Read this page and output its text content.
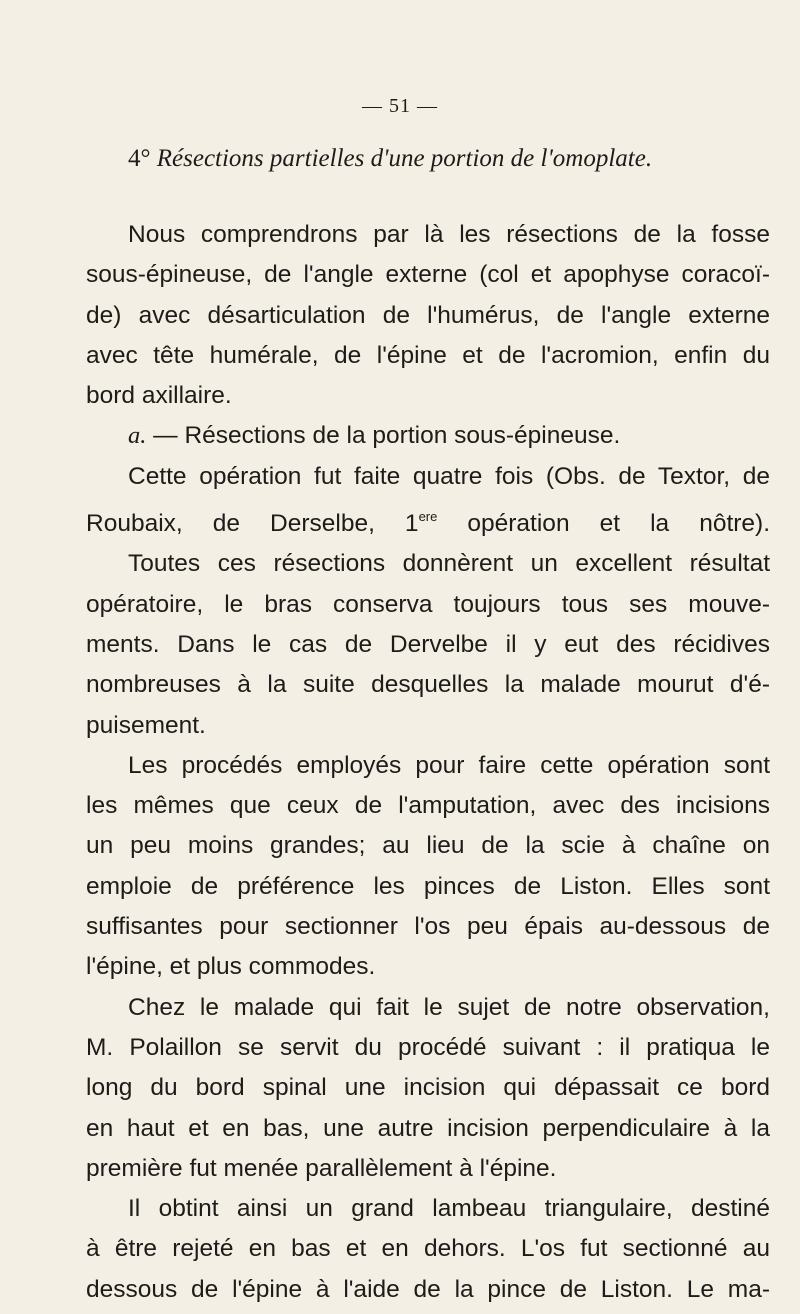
— 51 —
4° Résections partielles d'une portion de l'omoplate.
Nous comprendrons par là les résections de la fosse
sous-épineuse, de l'angle externe (col et apophyse coracoï-
de) avec désarticulation de l'humérus, de l'angle externe
avec tête humérale, de l'épine et de l'acromion, enfin du
bord axillaire.
a. — Résections de la portion sous-épineuse.
Cette opération fut faite quatre fois (Obs. de Textor, de
Roubaix, de Derselbe, 1ere opération et la nôtre).
Toutes ces résections donnèrent un excellent résultat
opératoire, le bras conserva toujours tous ses mouve-
ments. Dans le cas de Dervelbe il y eut des récidives
nombreuses à la suite desquelles la malade mourut d'é-
puisement.
Les procédés employés pour faire cette opération sont
les mêmes que ceux de l'amputation, avec des incisions
un peu moins grandes; au lieu de la scie à chaîne on
emploie de préférence les pinces de Liston. Elles sont
suffisantes pour sectionner l'os peu épais au-dessous de
l'épine, et plus commodes.
Chez le malade qui fait le sujet de notre observation,
M. Polaillon se servit du procédé suivant : il pratiqua le
long du bord spinal une incision qui dépassait ce bord
en haut et en bas, une autre incision perpendiculaire à la
première fut menée parallèlement à l'épine.
Il obtint ainsi un grand lambeau triangulaire, destiné
à être rejeté en bas et en dehors. L'os fut sectionné au
dessous de l'épine à l'aide de la pince de Liston. Le ma-
